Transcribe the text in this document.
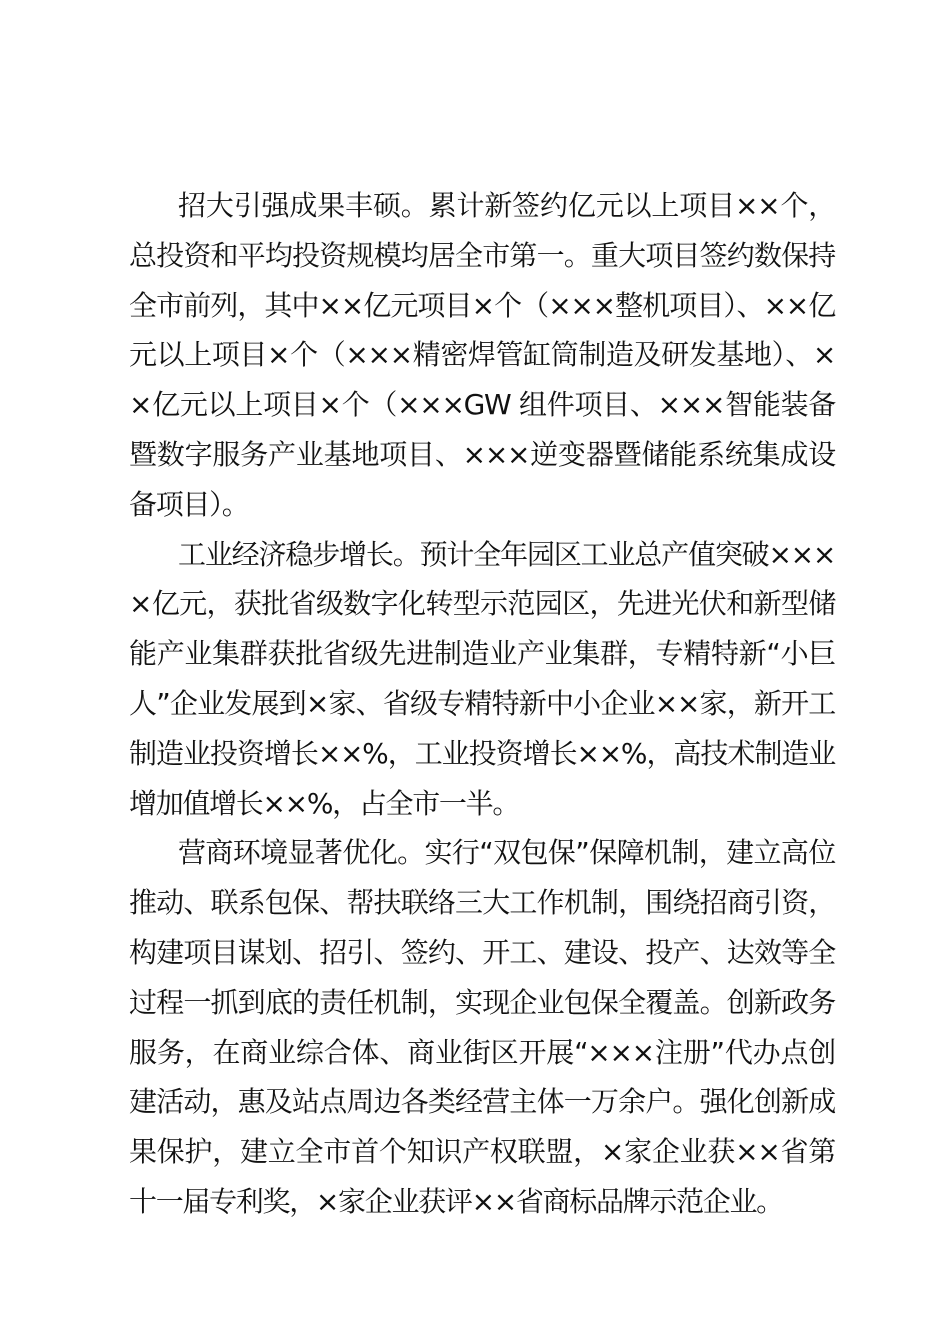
招大引强成果丰硕。累计新签约亿元以上项目××个，总投资和平均投资规模均居全市第一。重大项目签约数保持全市前列，其中××亿元项目×个（×××整机项目）、××亿元以上项目×个（×××精密焊管缸筒制造及研发基地）、××亿元以上项目×个（×××GW 组件项目、×××智能装备暨数字服务产业基地项目、×××逆变器暨储能系统集成设备项目）。

工业经济稳步增长。预计全年园区工业总产值突破××××亿元，获批省级数字化转型示范园区，先进光伏和新型储能产业集群获批省级先进制造业产业集群，专精特新“小巨人”企业发展到×家、省级专精特新中小企业××家，新开工制造业投资增长××%，工业投资增长××%，高技术制造业增加值增长××%，占全市一半。

营商环境显著优化。实行“双包保”保障机制，建立高位推动、联系包保、帮扶联络三大工作机制，围绕招商引资，构建项目谋划、招引、签约、开工、建设、投产、达效等全过程一抓到底的责任机制，实现企业包保全覆盖。创新政务服务，在商业综合体、商业街区开展“×××注册”代办点创建活动，惠及站点周边各类经营主体一万余户。强化创新成果保护，建立全市首个知识产权联盟，×家企业获××省第十一届专利奖，×家企业获评××省商标品牌示范企业。
